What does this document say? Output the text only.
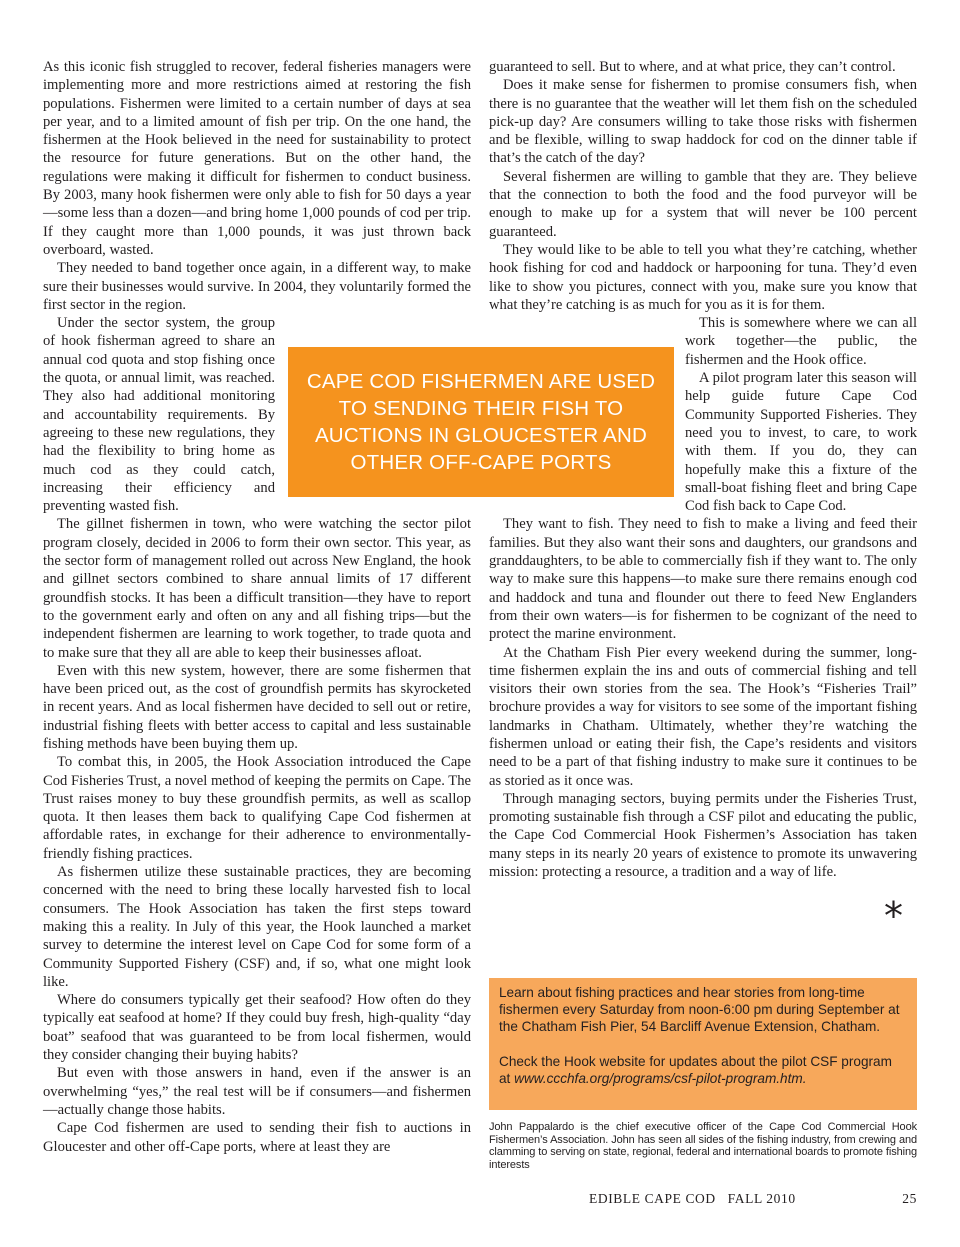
As this iconic fish struggled to recover, federal fisheries managers were implementing more and more restrictions aimed at restoring the fish populations. Fishermen were limited to a certain number of days at sea per year, and to a limited amount of fish per trip. On the one hand, the fishermen at the Hook believed in the need for sustainability to protect the resource for future generations. But on the other hand, the regulations were making it difficult for fishermen to conduct business. By 2003, many hook fishermen were only able to fish for 50 days a year—some less than a dozen—and bring home 1,000 pounds of cod per trip. If they caught more than 1,000 pounds, it was just thrown back overboard, wasted.

They needed to band together once again, in a different way, to make sure their businesses would survive. In 2004, they voluntarily formed the first sector in the region.

Under the sector system, the group of hook fisherman agreed to share an annual cod quota and stop fishing once the quota, or annual limit, was reached. They also had additional monitoring and accountability requirements. By agreeing to these new regulations, they had the flexibility to bring home as much cod as they could catch, increasing their efficiency and preventing wasted fish.

The gillnet fishermen in town, who were watching the sector pilot program closely, decided in 2006 to form their own sector. This year, as the sector form of management rolled out across New England, the hook and gillnet sectors combined to share annual limits of 17 different groundfish stocks. It has been a difficult transition—they have to report to the government early and often on any and all fishing trips—but the independent fishermen are learning to work together, to trade quota and to make sure that they all are able to keep their businesses afloat.

Even with this new system, however, there are some fishermen that have been priced out, as the cost of groundfish permits has skyrocketed in recent years. And as local fishermen have decided to sell out or retire, industrial fishing fleets with better access to capital and less sustainable fishing methods have been buying them up.

To combat this, in 2005, the Hook Association introduced the Cape Cod Fisheries Trust, a novel method of keeping the permits on Cape. The Trust raises money to buy these groundfish permits, as well as scallop quota. It then leases them back to qualifying Cape Cod fishermen at affordable rates, in exchange for their adherence to environmentally-friendly fishing practices.

As fishermen utilize these sustainable practices, they are becoming concerned with the need to bring these locally harvested fish to local consumers. The Hook Association has taken the first steps toward making this a reality. In July of this year, the Hook launched a market survey to determine the interest level on Cape Cod for some form of a Community Supported Fishery (CSF) and, if so, what one might look like.

Where do consumers typically get their seafood? How often do they typically eat seafood at home? If they could buy fresh, high-quality “day boat” seafood that was guaranteed to be from local fishermen, would they consider changing their buying habits?

But even with those answers in hand, even if the answer is an overwhelming “yes,” the real test will be if consumers—and fishermen—actually change those habits.

Cape Cod fishermen are used to sending their fish to auctions in Gloucester and other off-Cape ports, where at least they are

guaranteed to sell. But to where, and at what price, they can’t control.

Does it make sense for fishermen to promise consumers fish, when there is no guarantee that the weather will let them fish on the scheduled pick-up day? Are consumers willing to take those risks with fishermen and be flexible, willing to swap haddock for cod on the dinner table if that’s the catch of the day?

Several fishermen are willing to gamble that they are. They believe that the connection to both the food and the food purveyor will be enough to make up for a system that will never be 100 percent guaranteed.

They would like to be able to tell you what they’re catching, whether hook fishing for cod and haddock or harpooning for tuna. They’d even like to show you pictures, connect with you, make sure you know that what they’re catching is as much for you as it is for them.

This is somewhere where we can all work together—the public, the fishermen and the Hook office.

A pilot program later this season will help guide future Cape Cod Community Supported Fisheries. They need you to invest, to care, to work with them. If you do, they can hopefully make this a fixture of the small-boat fishing fleet and bring Cape Cod fish back to Cape Cod.

They want to fish. They need to fish to make a living and feed their families. But they also want their sons and daughters, our grandsons and granddaughters, to be able to commercially fish if they want to. The only way to make sure this happens—to make sure there remains enough cod and haddock and tuna and flounder out there to feed New Englanders from their own waters—is for fishermen to be cognizant of the need to protect the marine environment.

At the Chatham Fish Pier every weekend during the summer, long-time fishermen explain the ins and outs of commercial fishing and tell visitors their own stories from the sea. The Hook’s “Fisheries Trail” brochure provides a way for visitors to see some of the important fishing landmarks in Chatham. Ultimately, whether they’re watching the fishermen unload or eating their fish, the Cape’s residents and visitors need to be a part of that fishing industry to make sure it continues to be as storied as it once was.

Through managing sectors, buying permits under the Fisheries Trust, promoting sustainable fish through a CSF pilot and educating the public, the Cape Cod Commercial Hook Fishermen’s Association has taken many steps in its nearly 20 years of existence to promote its unwavering mission: protecting a resource, a tradition and a way of life.

CAPE COD FISHERMEN ARE USED TO SENDING THEIR FISH TO AUCTIONS IN GLOUCESTER AND OTHER OFF-CAPE PORTS
*

Learn about fishing practices and hear stories from long-time fishermen every Saturday from noon-6:00 pm during September at the Chatham Fish Pier, 54 Barcliff Avenue Extension, Chatham.

Check the Hook website for updates about the pilot CSF program at www.ccchfa.org/programs/csf-pilot-program.htm.

John Pappalardo is the chief executive officer of the Cape Cod Commercial Hook Fishermen’s Association. John has seen all sides of the fishing industry, from crewing and clamming to serving on state, regional, federal and international boards to promote fishing interests
EDIBLE CAPE COD   FALL 2010	25
